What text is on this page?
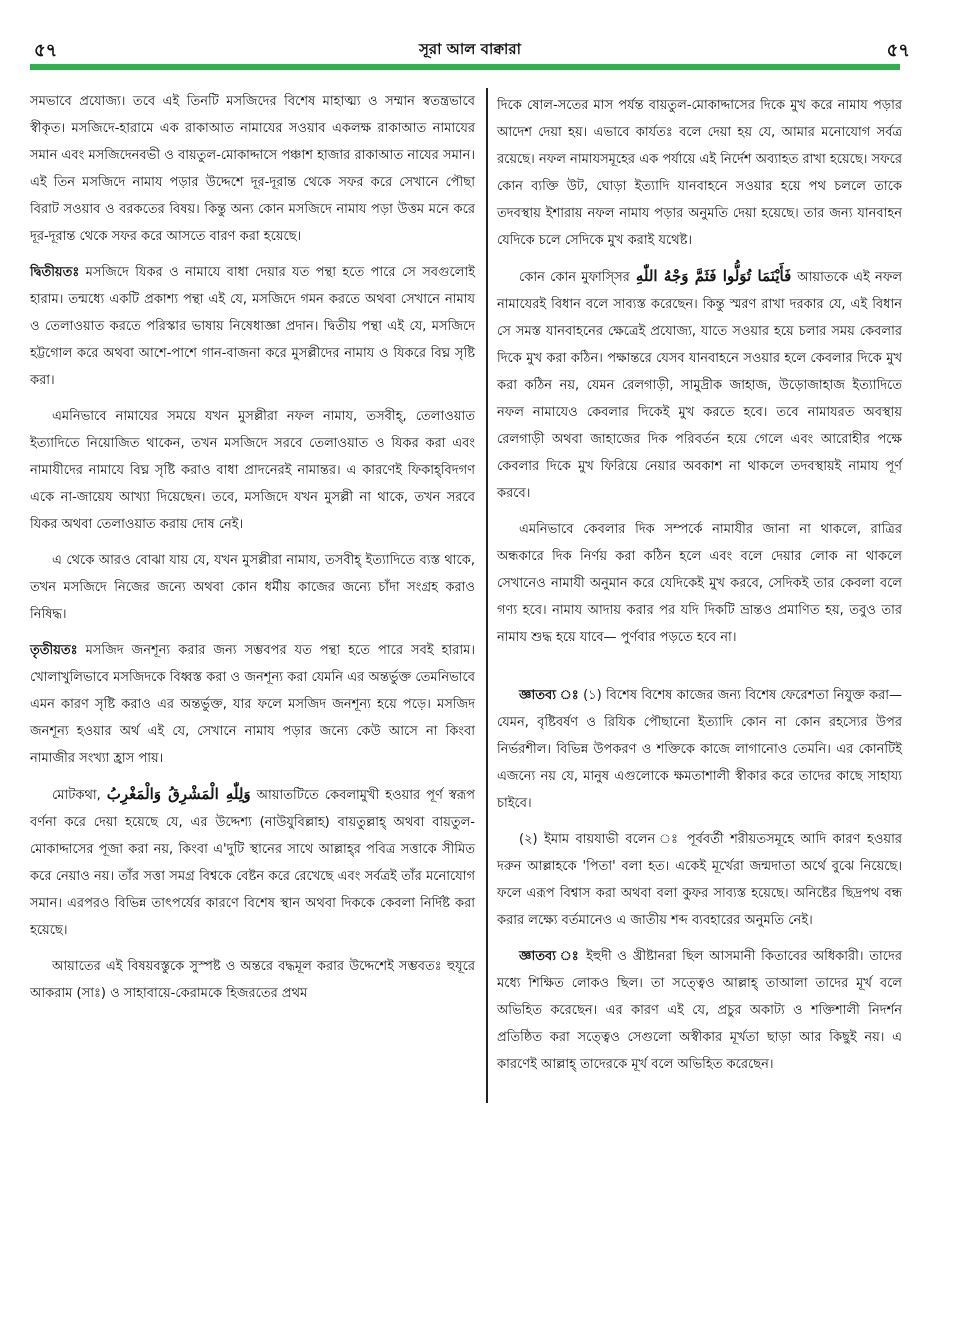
৫৭	সূরা আল বাক্বারা	৫৭

সমভাবে প্রযোজ্য। তবে এই তিনটি মসজিদের বিশেষ মাহাত্ম্য ও সম্মান স্বতন্ত্রভাবে স্বীকৃত। মসজিদে-হারামে এক রাকাআত নামাযের সওয়াব একলক্ষ রাকাআত নামাযের সমান এবং মসজিদেনবভী ও বায়তুল-মোকাদ্দাসে পঞ্চাশ হাজার রাকাআত নাযের সমান। এই তিন মসজিদে নামায পড়ার উদ্দেশে দূর-দূরান্ত থেকে সফর করে সেখানে পৌছা বিরাট সওয়াব ও বরকতের বিষয়। কিন্তু অন্য কোন মসজিদে নামায পড়া উত্তম মনে করে দূর-দূরান্ত থেকে সফর করে আসতে বারণ করা হয়েছে।

দ্বিতীয়তঃ মসজিদে যিকর ও নামাযে বাধা দেয়ার যত পন্থা হতে পারে সে সবগুলোই হারাম। তন্মধ্যে একটি প্রকাশ্য পন্থা এই যে, মসজিদে গমন করতে অথবা সেখানে নামায ও তেলাওয়াত করতে পরিস্কার ভাষায় নিষেধাজ্ঞা প্রদান। দ্বিতীয় পন্থা এই যে, মসজিদে হট্টগোল করে অথবা আশে-পাশে গান-বাজনা করে মুসল্লীদের নামায ও যিকরে বিঘ্ন সৃষ্টি করা।

এমনিভাবে নামাযের সময়ে যখন মুসল্লীরা নফল নামায, তসবীহ্, তেলাওয়াত ইত্যাদিতে নিয়োজিত থাকেন, তখন মসজিদে সরবে তেলাওয়াত ও যিকর করা এবং নামাযীদের নামাযে বিঘ্ন সৃষ্টি করাও বাধা প্রাদনেরই নামান্তর। এ কারণেই ফিকাহ্‌বিদগণ একে না-জায়েয আখ্যা দিয়েছেন। তবে, মসজিদে যখন মুসল্লী না থাকে, তখন সরবে যিকর অথবা তেলাওয়াত করায় দোষ নেই।

এ থেকে আরও বোঝা যায় যে, যখন মুসল্লীরা নামায, তসবীহ্ ইত্যাদিতে ব্যস্ত থাকে, তখন মসজিদে নিজের জন্যে অথবা কোন ধর্মীয় কাজের জন্যে চাঁদা সংগ্রহ করাও নিষিদ্ধ।

তৃতীয়তঃ মসজিদ জনশূন্য করার জন্য সম্ভবপর যত পন্থা হতে পারে সবই হারাম। খোলাখুলিভাবে মসজিদকে বিধ্বস্ত করা ও জনশূন্য করা যেমনি এর অন্তর্ভুক্ত তেমনিভাবে এমন কারণ সৃষ্টি করাও এর অন্তর্ভুক্ত, যার ফলে মসজিদ জনশূন্য হয়ে পড়ে। মসজিদ জনশূন্য হওয়ার অর্থ এই যে, সেখানে নামায পড়ার জন্যে কেউ আসে না কিংবা নামাজীর সংখ্যা হ্রাস পায়।

মোটকথা, وَلِلّٰهِ الْمَشْرِقُ وَالْمَغْرِبُ আয়াতটিতে কেবলামুখী হওয়ার পূর্ণ স্বরূপ বর্ণনা করে দেয়া হয়েছে যে, এর উদ্দেশ্য (নাউযুবিল্লাহ) বায়তুল্লাহ্ অথবা বায়তুল-মোকাদ্দাসের পূজা করা নয়, কিংবা এ'দুটি স্থানের সাথে আল্লাহ্‌র পবিত্র সত্তাকে সীমিত করে নেয়াও নয়। তাঁর সত্তা সমগ্র বিশ্বকে বেষ্টন করে রেখেছে এবং সর্বত্রই তাঁর মনোযোগ সমান। এরপরও বিভিন্ন তাৎপর্যের কারণে বিশেষ স্থান অথবা দিককে কেবলা নির্দিষ্ট করা হয়েছে।

আয়াতের এই বিষয়বস্তুকে সুস্পষ্ট ও অন্তরে বদ্ধমূল করার উদ্দেশেই সম্ভবতঃ হুযূরে আকরাম (সাঃ) ও সাহাবায়ে-কেরামকে হিজরতের প্রথম

দিকে ষোল-সতের মাস পর্যন্ত বায়তুল-মোকাদ্দাসের দিকে মুখ করে নামায পড়ার আদেশ দেয়া হয়। এভাবে কার্যতঃ বলে দেয়া হয় যে, আমার মনোযোগ সর্বত্র রয়েছে। নফল নামাযসমূহের এক পর্যায়ে এই নির্দেশ অব্যাহত রাখা হয়েছে। সফরে কোন ব্যক্তি উট, ঘোড়া ইত্যাদি যানবাহনে সওয়ার হয়ে পথ চললে তাকে তদবস্থায় ইশারায় নফল নামায পড়ার অনুমতি দেয়া হয়েছে। তার জন্য যানবাহন যেদিকে চলে সেদিকে মুখ করাই যথেষ্ট।

কোন কোন মুফাস্সির فَأَيْنَمَا تُوَلُّوا فَثَمَّ وَجْهُ اللّٰهِ আয়াতকে এই নফল নামাযেরই বিধান বলে সাব্যস্ত করেছেন। কিন্তু স্মরণ রাখা দরকার যে, এই বিধান সে সমস্ত যানবাহনের ক্ষেত্রেই প্রযোজ্য, যাতে সওয়ার হয়ে চলার সময় কেবলার দিকে মুখ করা কঠিন। পক্ষান্তরে যেসব যানবাহনে সওয়ার হলে কেবলার দিকে মুখ করা কঠিন নয়, যেমন রেলগাড়ী, সামুদ্রীক জাহাজ, উড়োজাহাজ ইত্যাদিতে নফল নামাযেও কেবলার দিকেই মুখ করতে হবে। তবে নামাযরত অবস্থায় রেলগাড়ী অথবা জাহাজের দিক পরিবর্তন হয়ে গেলে এবং আরোহীর পক্ষে কেবলার দিকে মুখ ফিরিয়ে নেয়ার অবকাশ না থাকলে তদবস্থায়ই নামায পূর্ণ করবে।

এমনিভাবে কেবলার দিক সম্পর্কে নামাযীর জানা না থাকলে, রাত্রির অন্ধকারে দিক নির্ণয় করা কঠিন হলে এবং বলে দেয়ার লোক না থাকলে সেখানেও নামাযী অনুমান করে যেদিকেই মুখ করবে, সেদিকই তার কেবলা বলে গণ্য হবে। নামায আদায় করার পর যদি দিকটি ভ্রান্তও প্রমাণিত হয়, তবুও তার নামায শুদ্ধ হয়ে যাবে— পুর্ণবার পড়তে হবে না।

জ্ঞাতব্য ঃ (১) বিশেষ বিশেষ কাজের জন্য বিশেষ ফেরেশতা নিযুক্ত করা— যেমন, বৃষ্টিবর্ষণ ও রিযিক পৌছানো ইত্যাদি কোন না কোন রহস্যের উপর নির্ভরশীল। বিভিন্ন উপকরণ ও শক্তিকে কাজে লাগানোও তেমনি। এর কোনটিই এজন্যে নয় যে, মানুষ এগুলোকে ক্ষমতাশালী স্বীকার করে তাদের কাছে সাহায্য চাইবে।

(২) ইমাম বায়যাভী বলেন ঃ পূর্ববর্তী শরীয়তসমূহে আদি কারণ হওয়ার দরুন আল্লাহকে 'পিতা' বলা হত। একেই মূর্খেরা জন্মদাতা অর্থে বুঝে নিয়েছে। ফলে এরূপ বিশ্বাস করা অথবা বলা কুফর সাব্যস্ত হয়েছে। অনিষ্টের ছিদ্রপথ বন্ধ করার লক্ষ্যে বর্তমানেও এ জাতীয় শব্দ ব্যবহারের অনুমতি নেই।

জ্ঞাতব্য ঃ ইহুদী ও খ্রীষ্টানরা ছিল আসমানী কিতাবের অধিকারী। তাদের মধ্যে শিক্ষিত লোকও ছিল। তা সত্ত্বেও আল্লাহ্ তাআলা তাদের মূর্খ বলে অভিহিত করেছেন। এর কারণ এই যে, প্রচুর অকাট্য ও শক্তিশালী নিদর্শন প্রতিষ্ঠিত করা সত্ত্বেও সেগুলো অস্বীকার মূর্খতা ছাড়া আর কিছুই নয়। এ কারণেই আল্লাহ্ তাদেরকে মূর্খ বলে অভিহিত করেছেন।
